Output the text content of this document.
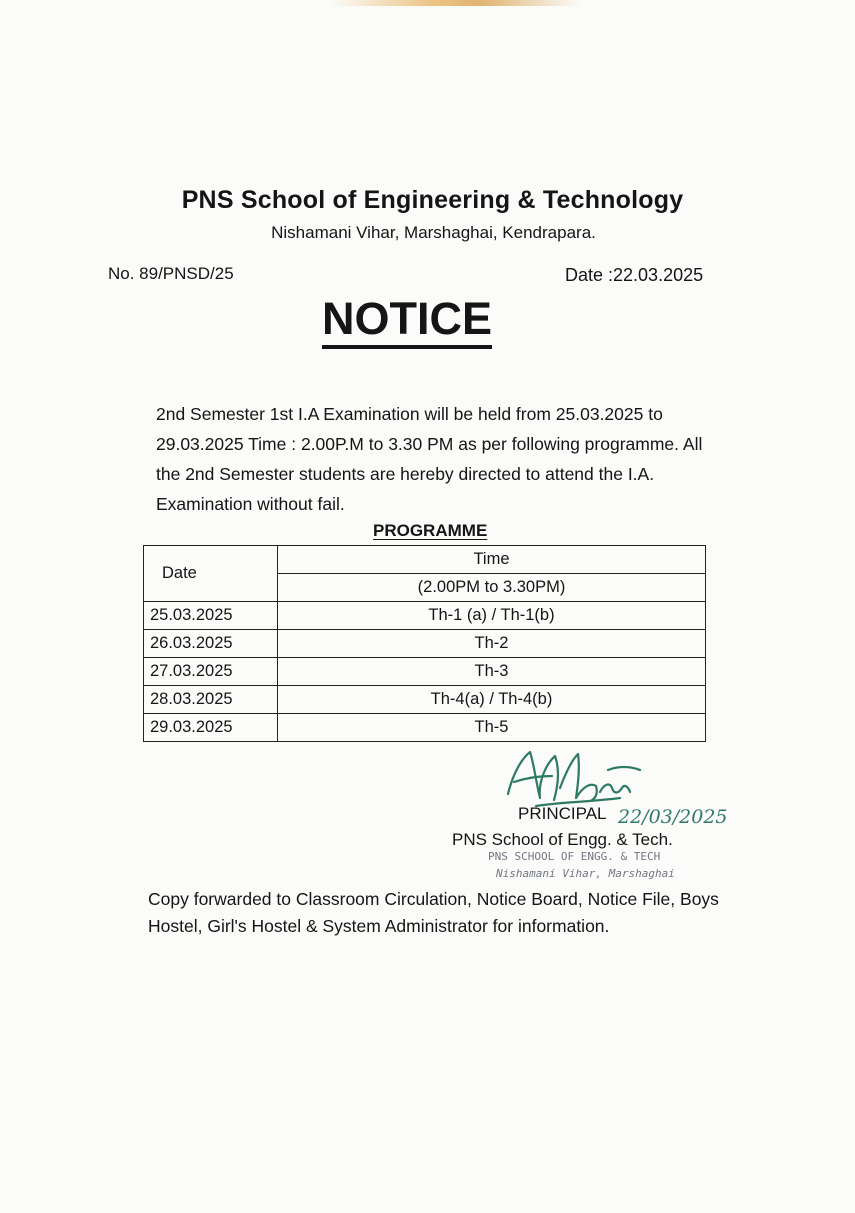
PNS School of Engineering & Technology
Nishamani Vihar, Marshaghai, Kendrapara.
No. 89/PNSD/25	Date :22.03.2025
NOTICE
2nd Semester 1st I.A Examination will be held from 25.03.2025 to 29.03.2025 Time : 2.00P.M to 3.30 PM as per following programme. All the 2nd Semester students are hereby directed to attend the I.A. Examination without fail.
PROGRAMME
Date	Time
	(2.00PM to 3.30PM)
25.03.2025	Th-1 (a) / Th-1(b)
26.03.2025	Th-2
27.03.2025	Th-3
28.03.2025	Th-4(a) / Th-4(b)
29.03.2025	Th-5
PRINCIPAL 22/03/2025
PNS School of Engg. & Tech.
PNS SCHOOL OF ENGG. & TECH
Nishamani Vihar, Marshaghai
Copy forwarded to Classroom Circulation, Notice Board, Notice File, Boys Hostel, Girl's Hostel & System Administrator for information.
